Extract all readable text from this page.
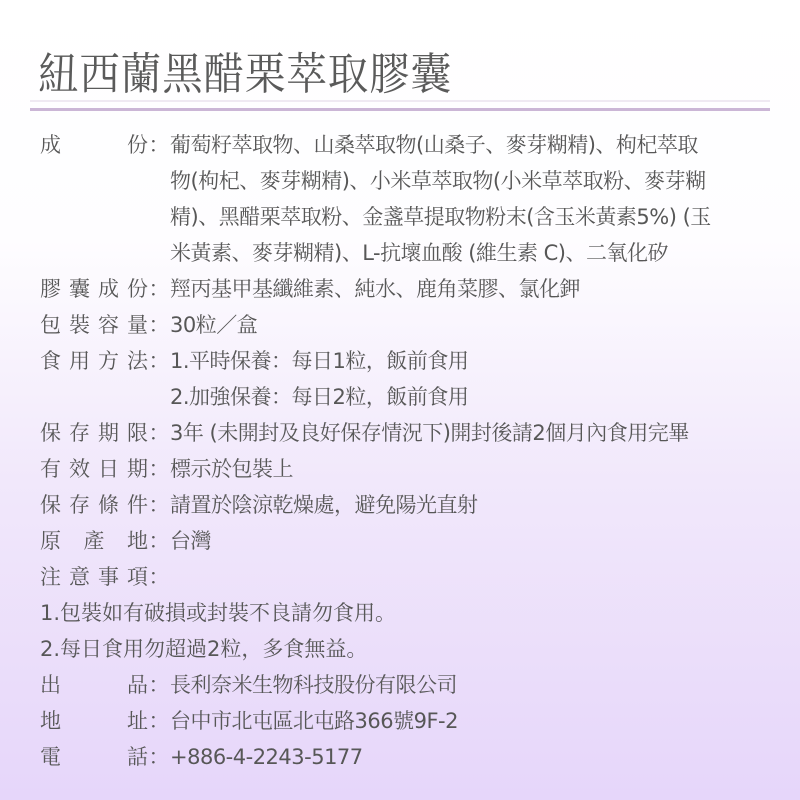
紐西蘭黑醋栗萃取膠囊
成　　份 ： 葡萄籽萃取物、山桑萃取物(山桑子、麥芽糊精)、枸杞萃取
物(枸杞、麥芽糊精)、小米草萃取物(小米草萃取粉、麥芽糊
精)、黑醋栗萃取粉、金盞草提取物粉末(含玉米黃素5%) (玉
米黃素、麥芽糊精)、L-抗壞血酸 (維生素 C)、二氧化矽
膠囊成份 ： 羥丙基甲基纖維素、純水、鹿角菜膠、氯化鉀
包裝容量 ： 30粒／盒
食用方法 ： 1.平時保養：每日1粒，飯前食用
2.加強保養：每日2粒，飯前食用
保存期限 ： 3年 (未開封及良好保存情況下)開封後請2個月內食用完畢
有效日期 ： 標示於包裝上
保存條件 ： 請置於陰涼乾燥處，避免陽光直射
原 產 地 ： 台灣
注意事項 ：

1.包裝如有破損或封裝不良請勿食用。
2.每日食用勿超過2粒，多食無益。
出　　品 ： 長利奈米生物科技股份有限公司
地　　址 ： 台中市北屯區北屯路366號9F-2
電　　話 ： +886-4-2243-5177
